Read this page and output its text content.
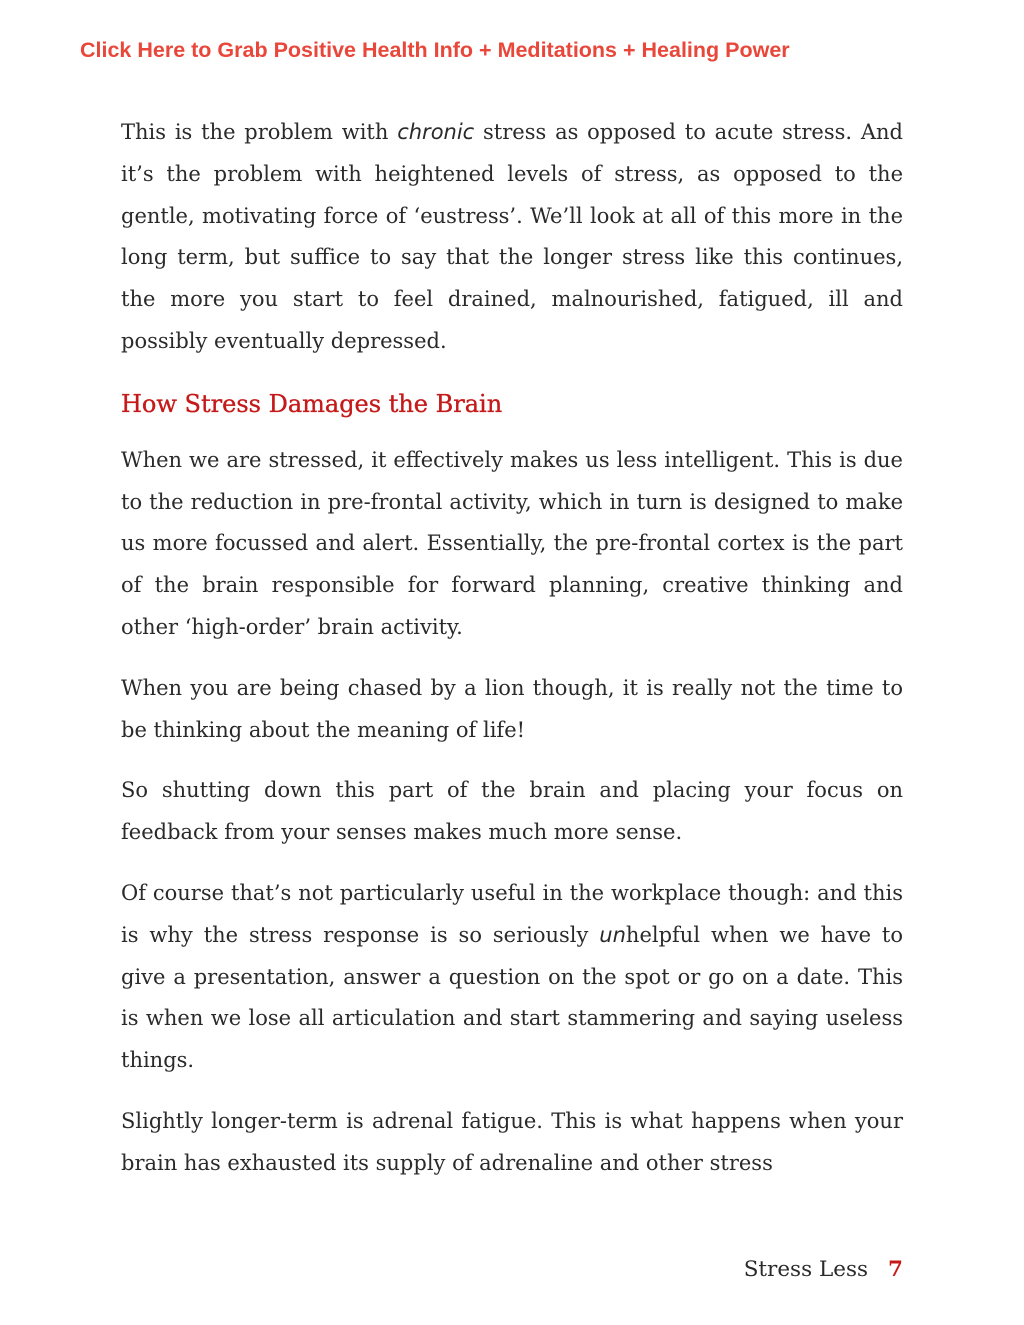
Click Here to Grab Positive Health Info + Meditations + Healing Power

This is the problem with chronic stress as opposed to acute stress. And it’s the problem with heightened levels of stress, as opposed to the gentle, motivating force of ‘eustress’. We’ll look at all of this more in the long term, but suffice to say that the longer stress like this continues, the more you start to feel drained, malnourished, fatigued, ill and possibly eventually depressed.

How Stress Damages the Brain

When we are stressed, it effectively makes us less intelligent. This is due to the reduction in pre-frontal activity, which in turn is designed to make us more focussed and alert. Essentially, the pre-frontal cortex is the part of the brain responsible for forward planning, creative thinking and other ‘high-order’ brain activity.

When you are being chased by a lion though, it is really not the time to be thinking about the meaning of life!

So shutting down this part of the brain and placing your focus on feedback from your senses makes much more sense.

Of course that’s not particularly useful in the workplace though: and this is why the stress response is so seriously unhelpful when we have to give a presentation, answer a question on the spot or go on a date. This is when we lose all articulation and start stammering and saying useless things.

Slightly longer-term is adrenal fatigue. This is what happens when your brain has exhausted its supply of adrenaline and other stress

Stress Less 7
